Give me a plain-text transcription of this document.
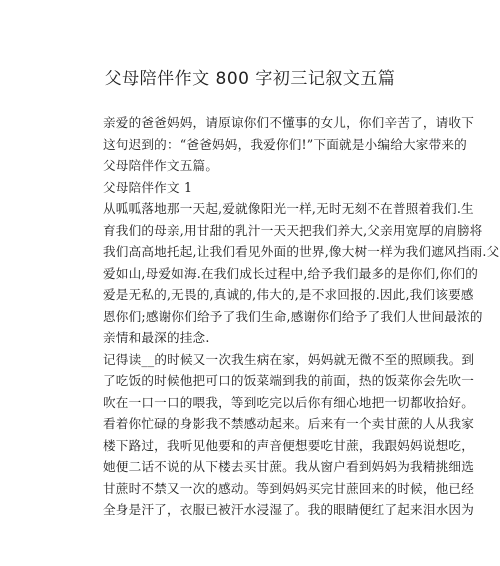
父母陪伴作文 800 字初三记叙文五篇
亲爱的爸爸妈妈，请原谅你们不懂事的女儿，你们辛苦了，请收下
这句迟到的：“爸爸妈妈，我爱你们!”下面就是小编给大家带来的
父母陪伴作文五篇。
父母陪伴作文 1
从呱呱落地那一天起,爱就像阳光一样,无时无刻不在普照着我们.生
育我们的母亲,用甘甜的乳汁一天天把我们养大,父亲用宽厚的肩膀将
我们高高地托起,让我们看见外面的世界,像大树一样为我们遮风挡雨.父
爱如山,母爱如海.在我们成长过程中,给予我们最多的是你们,你们的
爱是无私的,无畏的,真诚的,伟大的,是不求回报的.因此,我们该要感
恩你们;感谢你们给予了我们生命,感谢你们给予了我们人世间最浓的
亲情和最深的挂念.
记得读__的时候又一次我生病在家，妈妈就无微不至的照顾我。到
了吃饭的时候他把可口的饭菜端到我的前面，热的饭菜你会先吹一
吹在一口一口的喂我，等到吃完以后你有细心地把一切都收拾好。
看着你忙碌的身影我不禁感动起来。后来有一个卖甘蔗的人从我家
楼下路过，我听见他要和的声音便想要吃甘蔗，我跟妈妈说想吃，
她便二话不说的从下楼去买甘蔗。我从窗户看到妈妈为我精挑细选
甘蔗时不禁又一次的感动。等到妈妈买完甘蔗回来的时候，他已经
全身是汗了，衣服已被汗水浸湿了。我的眼睛便红了起来泪水因为
